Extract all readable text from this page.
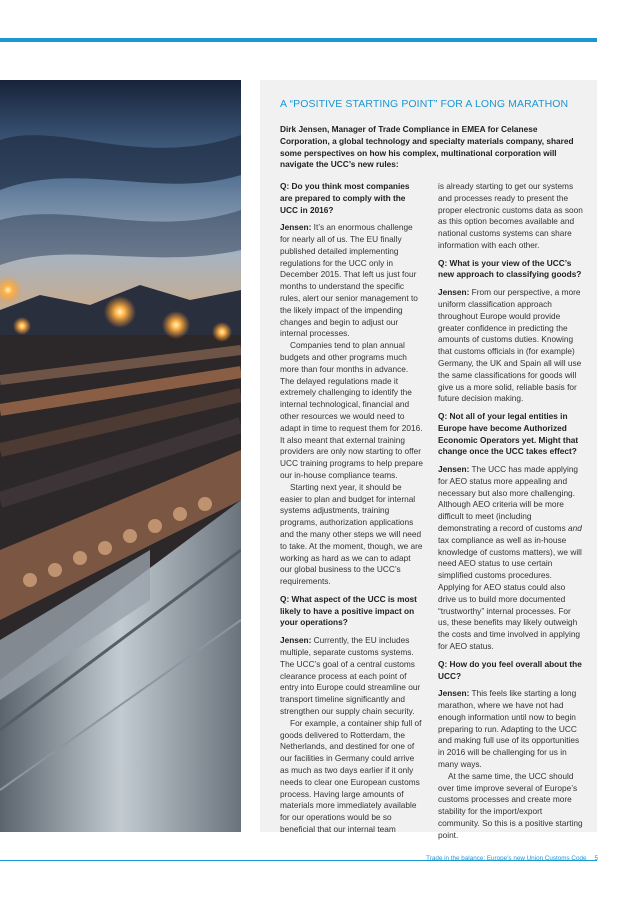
A “POSITIVE STARTING POINT” FOR A LONG MARATHON

Dirk Jensen, Manager of Trade Compliance in EMEA for Celanese Corporation, a global technology and specialty materials company, shared some perspectives on how his complex, multinational corporation will navigate the UCC’s new rules:

Q: Do you think most companies are prepared to comply with the UCC in 2016?

Jensen: It’s an enormous challenge for nearly all of us. The EU finally published detailed implementing regulations for the UCC only in December 2015. That left us just four months to understand the specific rules, alert our senior management to the likely impact of the impending changes and begin to adjust our internal processes.

Companies tend to plan annual budgets and other programs much more than four months in advance. The delayed regulations made it extremely challenging to identify the internal technological, financial and other resources we would need to adapt in time to request them for 2016. It also meant that external training providers are only now starting to offer UCC training programs to help prepare our in-house compliance teams.

Starting next year, it should be easier to plan and budget for internal systems adjustments, training programs, authorization applications and the many other steps we will need to take. At the moment, though, we are working as hard as we can to adapt our global business to the UCC’s requirements.

Q: What aspect of the UCC is most likely to have a positive impact on your operations?

Jensen: Currently, the EU includes multiple, separate customs systems. The UCC’s goal of a central customs clearance process at each point of entry into Europe could streamline our transport timeline significantly and strengthen our supply chain security.

For example, a container ship full of goods delivered to Rotterdam, the Netherlands, and destined for one of our facilities in Germany could arrive as much as two days earlier if it only needs to clear one European customs process. Having large amounts of materials more immediately available for our operations would be so beneficial that our internal team

is already starting to get our systems and processes ready to present the proper electronic customs data as soon as this option becomes available and national customs systems can share information with each other.

Q: What is your view of the UCC’s new approach to classifying goods?

Jensen: From our perspective, a more uniform classification approach throughout Europe would provide greater confidence in predicting the amounts of customs duties. Knowing that customs officials in (for example) Germany, the UK and Spain all will use the same classifications for goods will give us a more solid, reliable basis for future decision making.

Q: Not all of your legal entities in Europe have become Authorized Economic Operators yet. Might that change once the UCC takes effect?

Jensen: The UCC has made applying for AEO status more appealing and necessary but also more challenging. Although AEO criteria will be more difficult to meet (including demonstrating a record of customs and tax compliance as well as in-house knowledge of customs matters), we will need AEO status to use certain simplified customs procedures. Applying for AEO status could also drive us to build more documented “trustworthy” internal processes. For us, these benefits may likely outweigh the costs and time involved in applying for AEO status.

Q: How do you feel overall about the UCC?

Jensen: This feels like starting a long marathon, where we have not had enough information until now to begin preparing to run. Adapting to the UCC and making full use of its opportunities in 2016 will be challenging for us in many ways.

At the same time, the UCC should over time improve several of Europe’s customs processes and create more stability for the import/export community. So this is a positive starting point.

Trade in the balance: Europe’s new Union Customs Code 5
